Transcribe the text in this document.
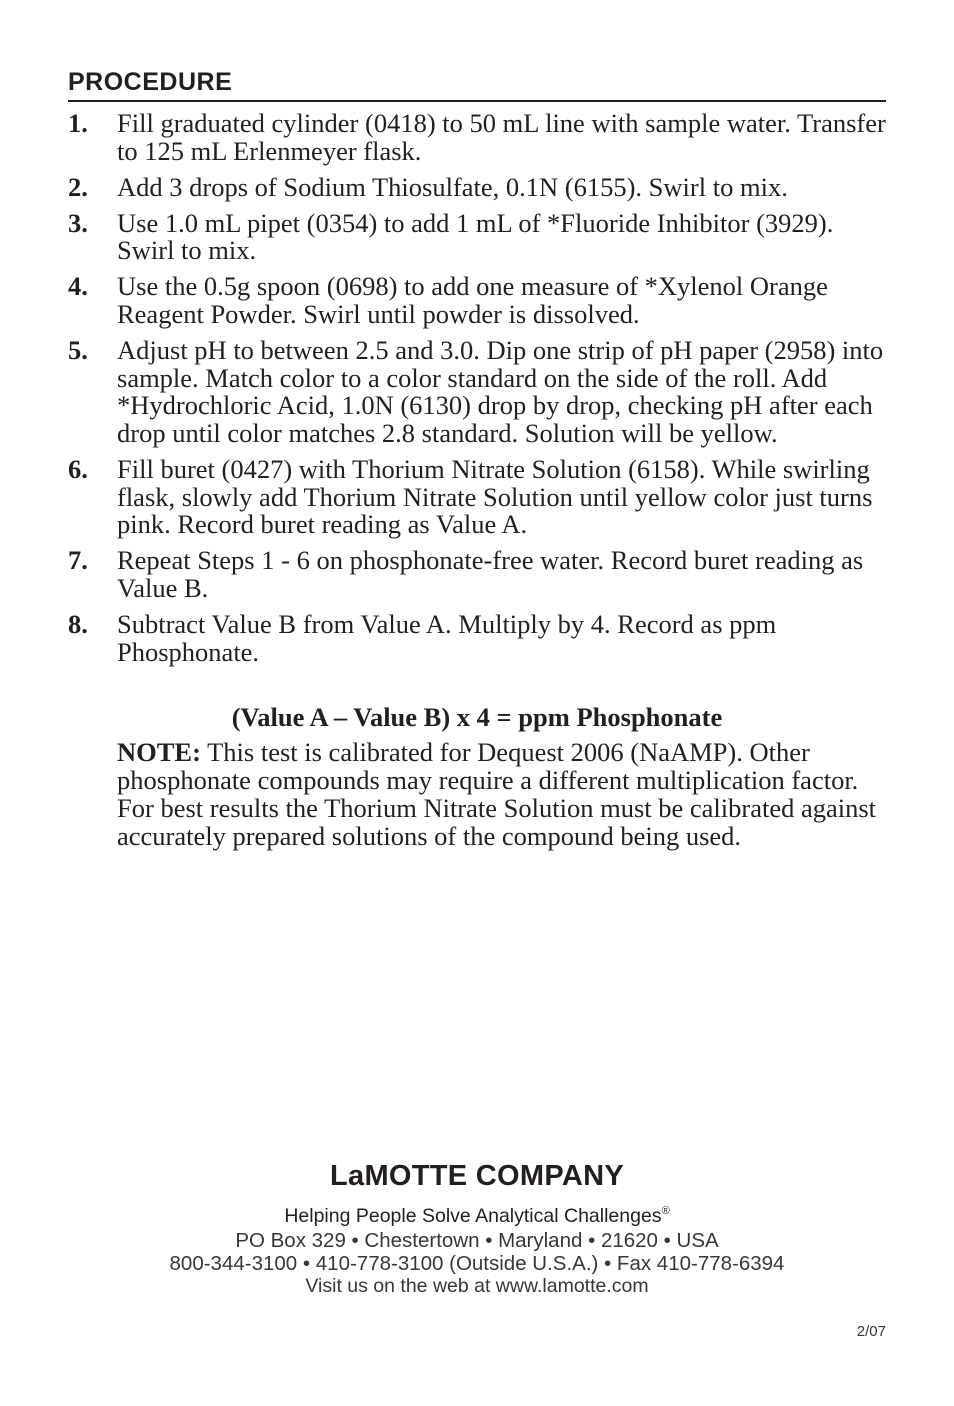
PROCEDURE
1. Fill graduated cylinder (0418) to 50 mL line with sample water. Transfer to 125 mL Erlenmeyer flask.
2. Add 3 drops of Sodium Thiosulfate, 0.1N (6155). Swirl to mix.
3. Use 1.0 mL pipet (0354) to add 1 mL of *Fluoride Inhibitor (3929). Swirl to mix.
4. Use the 0.5g spoon (0698) to add one measure of *Xylenol Orange Reagent Powder. Swirl until powder is dissolved.
5. Adjust pH to between 2.5 and 3.0. Dip one strip of pH paper (2958) into sample. Match color to a color standard on the side of the roll. Add *Hydrochloric Acid, 1.0N (6130) drop by drop, checking pH after each drop until color matches 2.8 standard. Solution will be yellow.
6. Fill buret (0427) with Thorium Nitrate Solution (6158). While swirling flask, slowly add Thorium Nitrate Solution until yellow color just turns pink. Record buret reading as Value A.
7. Repeat Steps 1 - 6 on phosphonate-free water. Record buret reading as Value B.
8. Subtract Value B from Value A. Multiply by 4. Record as ppm Phosphonate.
(Value A – Value B) x 4 = ppm Phosphonate
NOTE: This test is calibrated for Dequest 2006 (NaAMP). Other phosphonate compounds may require a different multiplication factor. For best results the Thorium Nitrate Solution must be calibrated against accurately prepared solutions of the compound being used.
LaMOTTE COMPANY
Helping People Solve Analytical Challenges®
PO Box 329 • Chestertown • Maryland • 21620 • USA
800-344-3100 • 410-778-3100 (Outside U.S.A.) • Fax 410-778-6394
Visit us on the web at www.lamotte.com
2/07
